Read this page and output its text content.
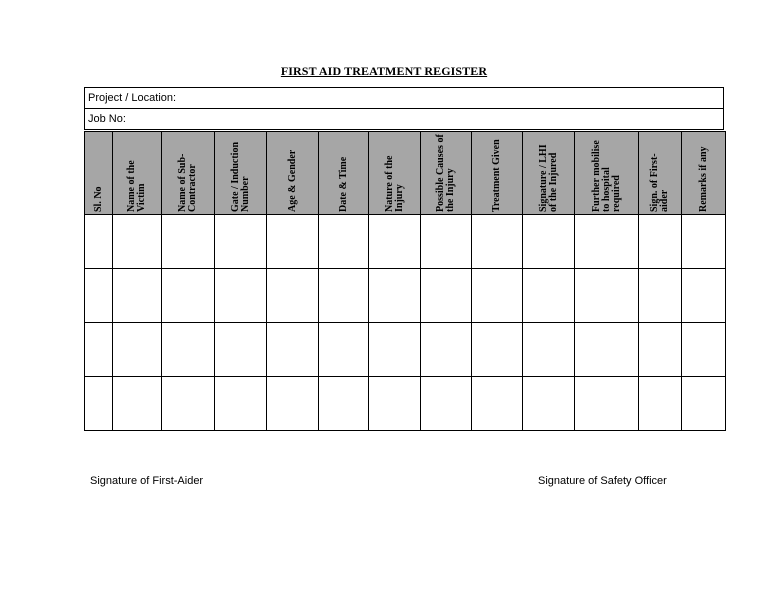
FIRST AID TREATMENT REGISTER
Project / Location:
Job No:
Sl. No	Name of the Victim	Name of Sub-Contractor	Gate / Induction Number	Age & Gender	Date & Time	Nature of the Injury	Possible Causes of the Injury	Treatment Given	Signature / LHI of the Injured	Further mobilise to hospital required	Sign. of First-aider	Remarks if any

Signature of First-Aider	Signature of Safety Officer
